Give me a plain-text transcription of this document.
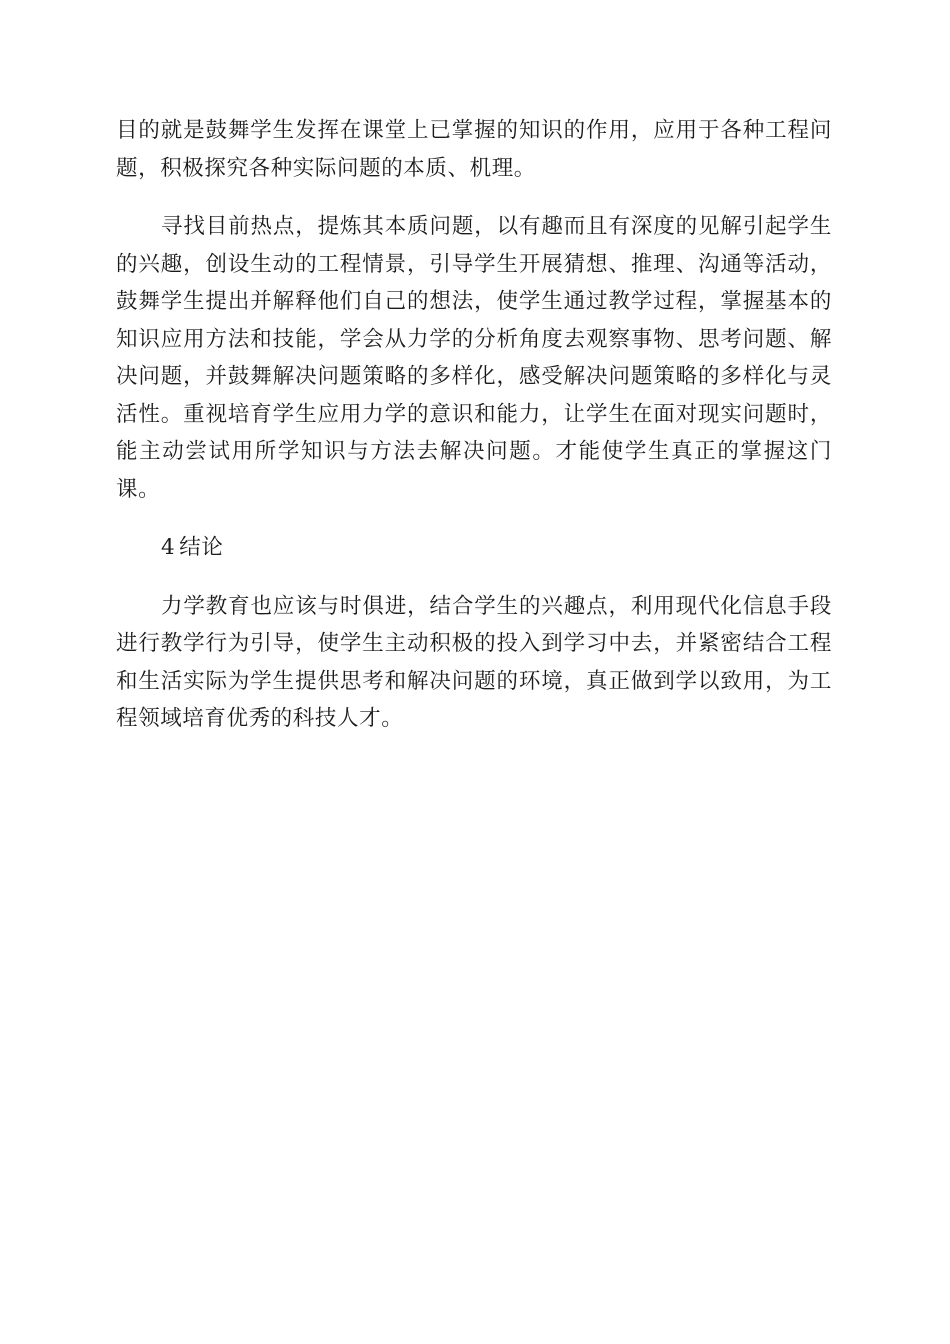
目的就是鼓舞学生发挥在课堂上已掌握的知识的作用，应用于各种工程问题，积极探究各种实际问题的本质、机理。

寻找目前热点，提炼其本质问题，以有趣而且有深度的见解引起学生的兴趣，创设生动的工程情景，引导学生开展猜想、推理、沟通等活动，鼓舞学生提出并解释他们自己的想法，使学生通过教学过程，掌握基本的知识应用方法和技能，学会从力学的分析角度去观察事物、思考问题、解决问题，并鼓舞解决问题策略的多样化，感受解决问题策略的多样化与灵活性。重视培育学生应用力学的意识和能力，让学生在面对现实问题时，能主动尝试用所学知识与方法去解决问题。才能使学生真正的掌握这门课。

4 结论

力学教育也应该与时俱进，结合学生的兴趣点，利用现代化信息手段进行教学行为引导，使学生主动积极的投入到学习中去，并紧密结合工程和生活实际为学生提供思考和解决问题的环境，真正做到学以致用，为工程领域培育优秀的科技人才。
